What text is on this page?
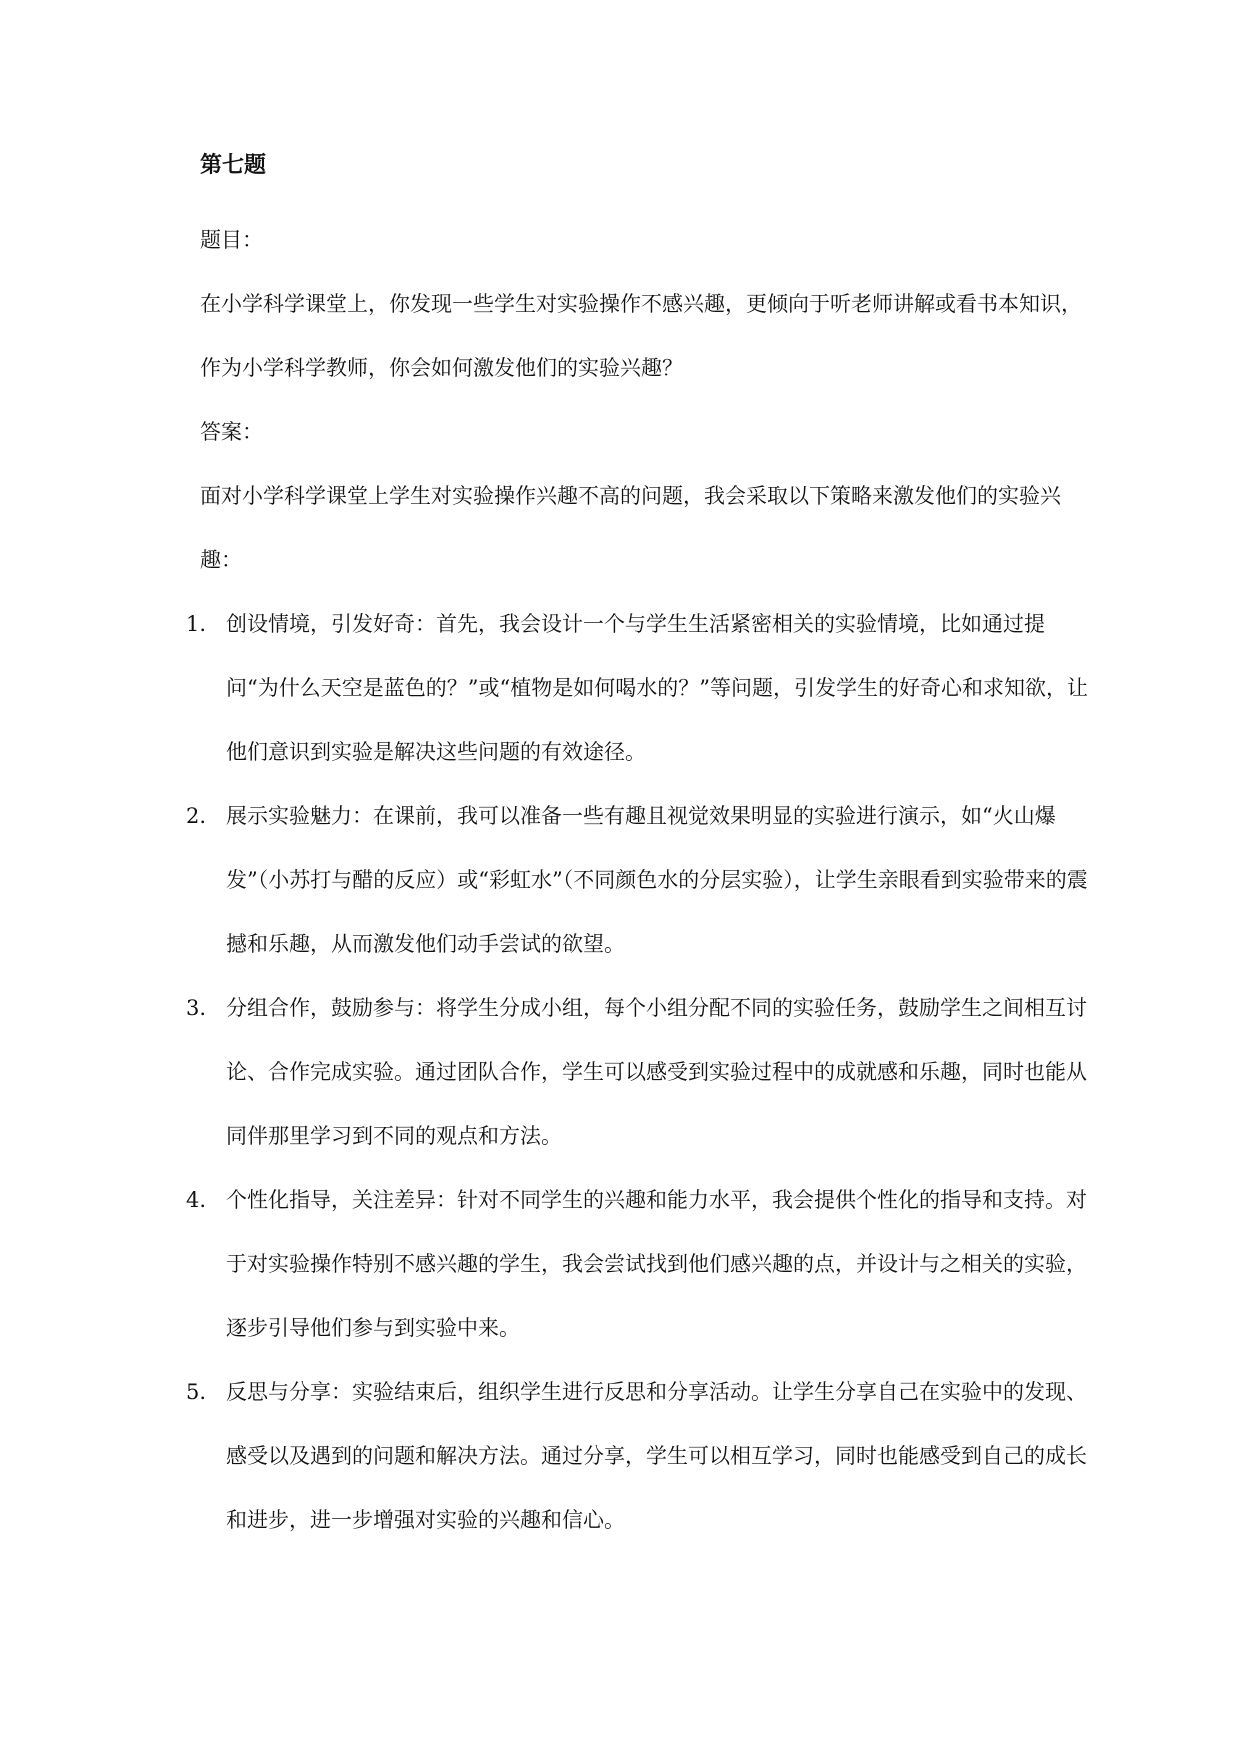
第七题

题目：

在小学科学课堂上，你发现一些学生对实验操作不感兴趣，更倾向于听老师讲解或看书本知识，作为小学科学教师，你会如何激发他们的实验兴趣？

答案：

面对小学科学课堂上学生对实验操作兴趣不高的问题，我会采取以下策略来激发他们的实验兴趣：

1. 创设情境，引发好奇：首先，我会设计一个与学生生活紧密相关的实验情境，比如通过提问“为什么天空是蓝色的？”或“植物是如何喝水的？”等问题，引发学生的好奇心和求知欲，让他们意识到实验是解决这些问题的有效途径。
2. 展示实验魅力：在课前，我可以准备一些有趣且视觉效果明显的实验进行演示，如“火山爆发”（小苏打与醋的反应）或“彩虹水”（不同颜色水的分层实验），让学生亲眼看到实验带来的震撼和乐趣，从而激发他们动手尝试的欲望。
3. 分组合作，鼓励参与：将学生分成小组，每个小组分配不同的实验任务，鼓励学生之间相互讨论、合作完成实验。通过团队合作，学生可以感受到实验过程中的成就感和乐趣，同时也能从同伴那里学习到不同的观点和方法。
4. 个性化指导，关注差异：针对不同学生的兴趣和能力水平，我会提供个性化的指导和支持。对于对实验操作特别不感兴趣的学生，我会尝试找到他们感兴趣的点，并设计与之相关的实验，逐步引导他们参与到实验中来。
5. 反思与分享：实验结束后，组织学生进行反思和分享活动。让学生分享自己在实验中的发现、感受以及遇到的问题和解决方法。通过分享，学生可以相互学习，同时也能感受到自己的成长和进步，进一步增强对实验的兴趣和信心。
